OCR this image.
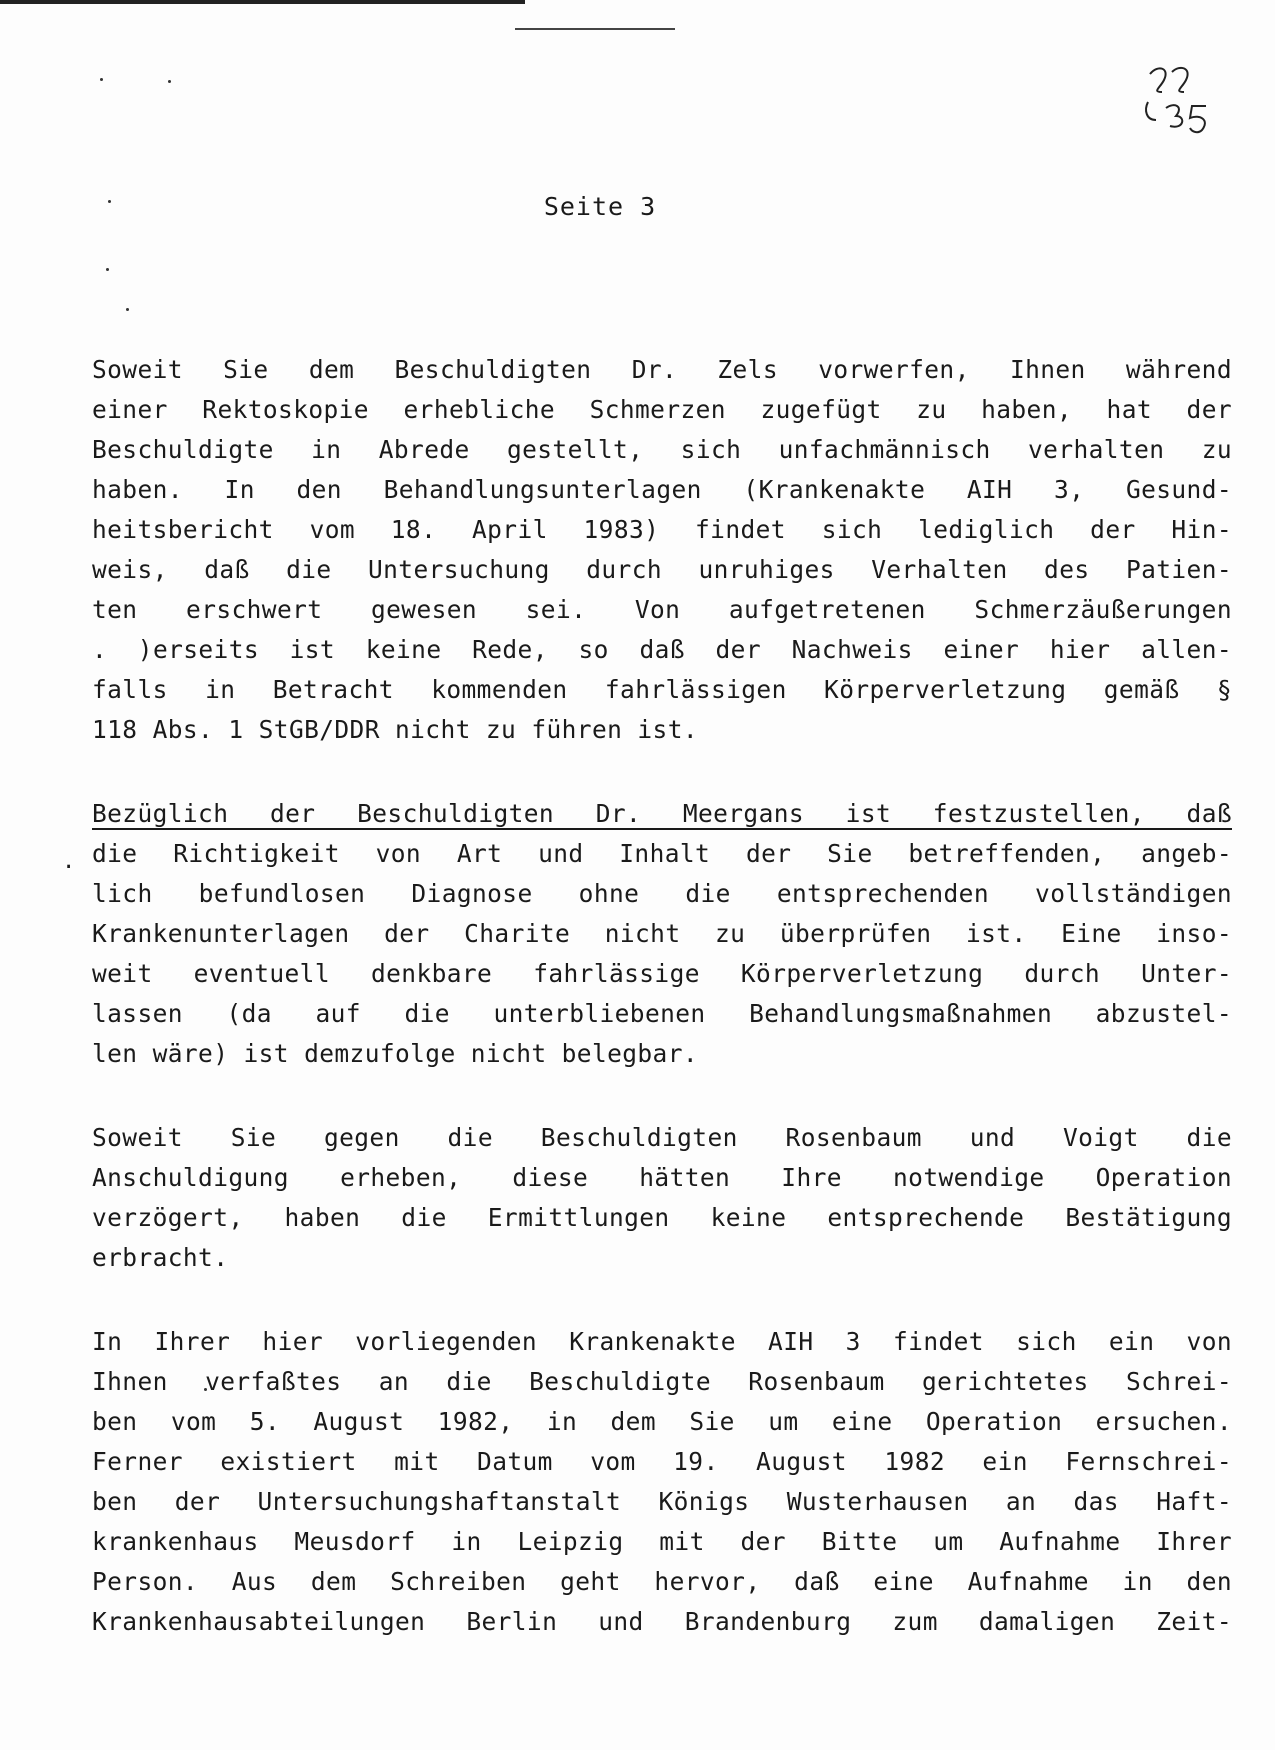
Seite 3
·
Soweit Sie dem Beschuldigten Dr. Zels vorwerfen, Ihnen während
einer Rektoskopie erhebliche Schmerzen zugefügt zu haben, hat der
Beschuldigte in Abrede gestellt, sich unfachmännisch verhalten zu
haben. In den Behandlungsunterlagen (Krankenakte AIH 3, Gesund-
heitsbericht vom 18. April 1983) findet sich lediglich der Hin-
weis, daß die Untersuchung durch unruhiges Verhalten des Patien-
ten erschwert gewesen sei. Von aufgetretenen Schmerzäußerungen
. )erseits ist keine Rede, so daß der Nachweis einer hier allen-
falls in Betracht kommenden fahrlässigen Körperverletzung gemäß §
118 Abs. 1 StGB/DDR nicht zu führen ist.
Bezüglich der Beschuldigten Dr. Meergans ist festzustellen, daß
die Richtigkeit von Art und Inhalt der Sie betreffenden, angeb-
lich befundlosen Diagnose ohne die entsprechenden vollständigen
Krankenunterlagen der Charite nicht zu überprüfen ist. Eine inso-
weit eventuell denkbare fahrlässige Körperverletzung durch Unter-
lassen (da auf die unterbliebenen Behandlungsmaßnahmen abzustel-
len wäre) ist demzufolge nicht belegbar.
Soweit Sie gegen die Beschuldigten Rosenbaum und Voigt die
Anschuldigung erheben, diese hätten Ihre notwendige Operation
verzögert, haben die Ermittlungen keine entsprechende Bestätigung
erbracht.
In Ihrer hier vorliegenden Krankenakte AIH 3 findet sich ein von
Ihnen verfaßtes an die Beschuldigte Rosenbaum gerichtetes Schrei-
ben vom 5. August 1982, in dem Sie um eine Operation ersuchen.
Ferner existiert mit Datum vom 19. August 1982 ein Fernschrei-
ben der Untersuchungshaftanstalt Königs Wusterhausen an das Haft-
krankenhaus Meusdorf in Leipzig mit der Bitte um Aufnahme Ihrer
Person. Aus dem Schreiben geht hervor, daß eine Aufnahme in den
Krankenhausabteilungen Berlin und Brandenburg zum damaligen Zeit-
